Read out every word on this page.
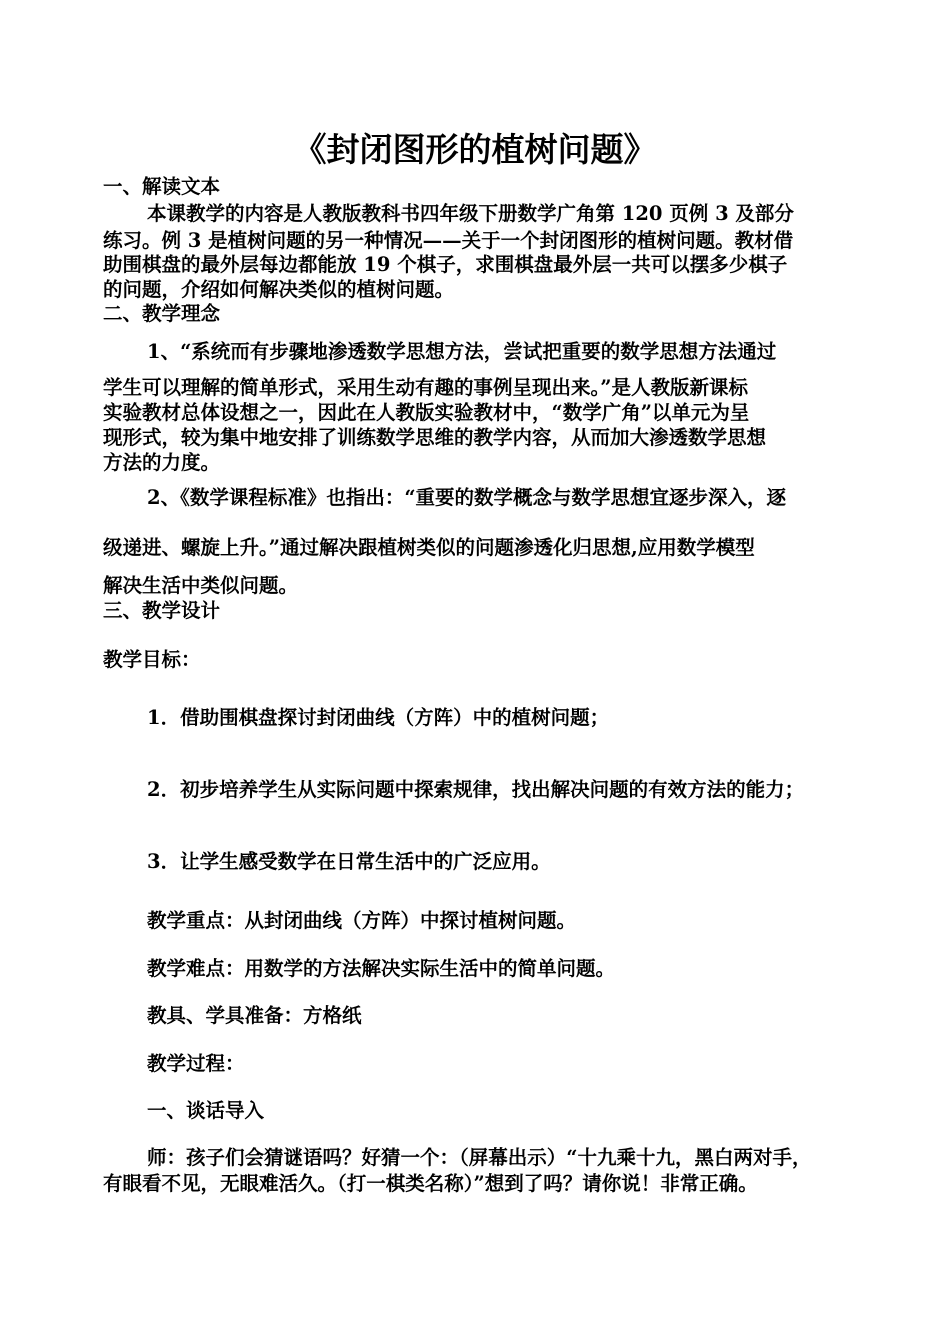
《封闭图形的植树问题》
一、解读文本
本课教学的内容是人教版教科书四年级下册数学广角第 120 页例 3 及部分
练习。例 3 是植树问题的另一种情况——关于一个封闭图形的植树问题。教材借
助围棋盘的最外层每边都能放 19 个棋子，求围棋盘最外层一共可以摆多少棋子
的问题，介绍如何解决类似的植树问题。
二、教学理念
1、“系统而有步骤地渗透数学思想方法，尝试把重要的数学思想方法通过
学生可以理解的简单形式，采用生动有趣的事例呈现出来。”是人教版新课标
实验教材总体设想之一，因此在人教版实验教材中，“数学广角”以单元为呈
现形式，较为集中地安排了训练数学思维的教学内容，从而加大渗透数学思想
方法的力度。
2、《数学课程标准》也指出：“重要的数学概念与数学思想宜逐步深入，逐
级递进、螺旋上升。”通过解决跟植树类似的问题渗透化归思想,应用数学模型
解决生活中类似问题。
三、教学设计
教学目标：
1．借助围棋盘探讨封闭曲线（方阵）中的植树问题；
2．初步培养学生从实际问题中探索规律，找出解决问题的有效方法的能力；
3．让学生感受数学在日常生活中的广泛应用。
教学重点：从封闭曲线（方阵）中探讨植树问题。
教学难点：用数学的方法解决实际生活中的简单问题。
教具、学具准备：方格纸
教学过程：
一、谈话导入
师：孩子们会猜谜语吗？好猜一个：（屏幕出示）“十九乘十九，黑白两对手，
有眼看不见，无眼难活久。（打一棋类名称）”想到了吗？请你说！非常正确。
